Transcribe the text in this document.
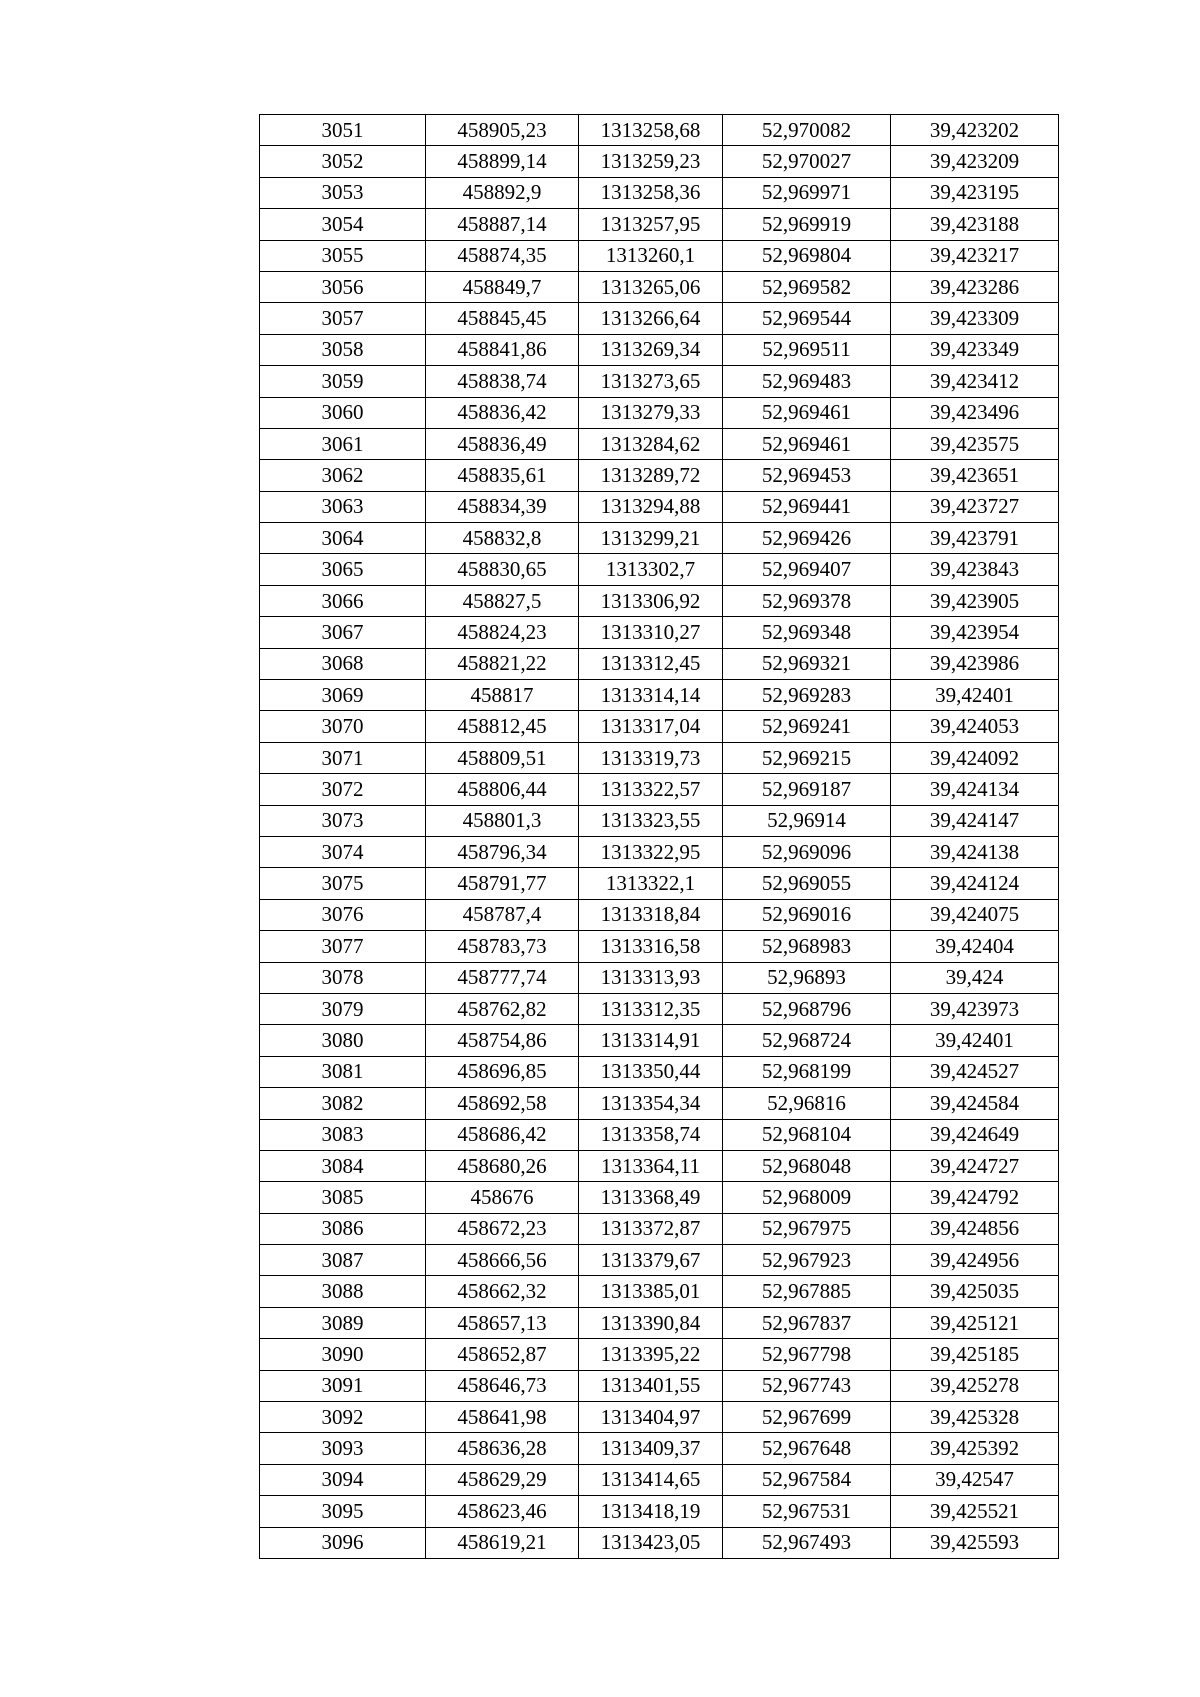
3051	458905,23	1313258,68	52,970082	39,423202
3052	458899,14	1313259,23	52,970027	39,423209
3053	458892,9	1313258,36	52,969971	39,423195
3054	458887,14	1313257,95	52,969919	39,423188
3055	458874,35	1313260,1	52,969804	39,423217
3056	458849,7	1313265,06	52,969582	39,423286
3057	458845,45	1313266,64	52,969544	39,423309
3058	458841,86	1313269,34	52,969511	39,423349
3059	458838,74	1313273,65	52,969483	39,423412
3060	458836,42	1313279,33	52,969461	39,423496
3061	458836,49	1313284,62	52,969461	39,423575
3062	458835,61	1313289,72	52,969453	39,423651
3063	458834,39	1313294,88	52,969441	39,423727
3064	458832,8	1313299,21	52,969426	39,423791
3065	458830,65	1313302,7	52,969407	39,423843
3066	458827,5	1313306,92	52,969378	39,423905
3067	458824,23	1313310,27	52,969348	39,423954
3068	458821,22	1313312,45	52,969321	39,423986
3069	458817	1313314,14	52,969283	39,42401
3070	458812,45	1313317,04	52,969241	39,424053
3071	458809,51	1313319,73	52,969215	39,424092
3072	458806,44	1313322,57	52,969187	39,424134
3073	458801,3	1313323,55	52,96914	39,424147
3074	458796,34	1313322,95	52,969096	39,424138
3075	458791,77	1313322,1	52,969055	39,424124
3076	458787,4	1313318,84	52,969016	39,424075
3077	458783,73	1313316,58	52,968983	39,42404
3078	458777,74	1313313,93	52,96893	39,424
3079	458762,82	1313312,35	52,968796	39,423973
3080	458754,86	1313314,91	52,968724	39,42401
3081	458696,85	1313350,44	52,968199	39,424527
3082	458692,58	1313354,34	52,96816	39,424584
3083	458686,42	1313358,74	52,968104	39,424649
3084	458680,26	1313364,11	52,968048	39,424727
3085	458676	1313368,49	52,968009	39,424792
3086	458672,23	1313372,87	52,967975	39,424856
3087	458666,56	1313379,67	52,967923	39,424956
3088	458662,32	1313385,01	52,967885	39,425035
3089	458657,13	1313390,84	52,967837	39,425121
3090	458652,87	1313395,22	52,967798	39,425185
3091	458646,73	1313401,55	52,967743	39,425278
3092	458641,98	1313404,97	52,967699	39,425328
3093	458636,28	1313409,37	52,967648	39,425392
3094	458629,29	1313414,65	52,967584	39,42547
3095	458623,46	1313418,19	52,967531	39,425521
3096	458619,21	1313423,05	52,967493	39,425593
